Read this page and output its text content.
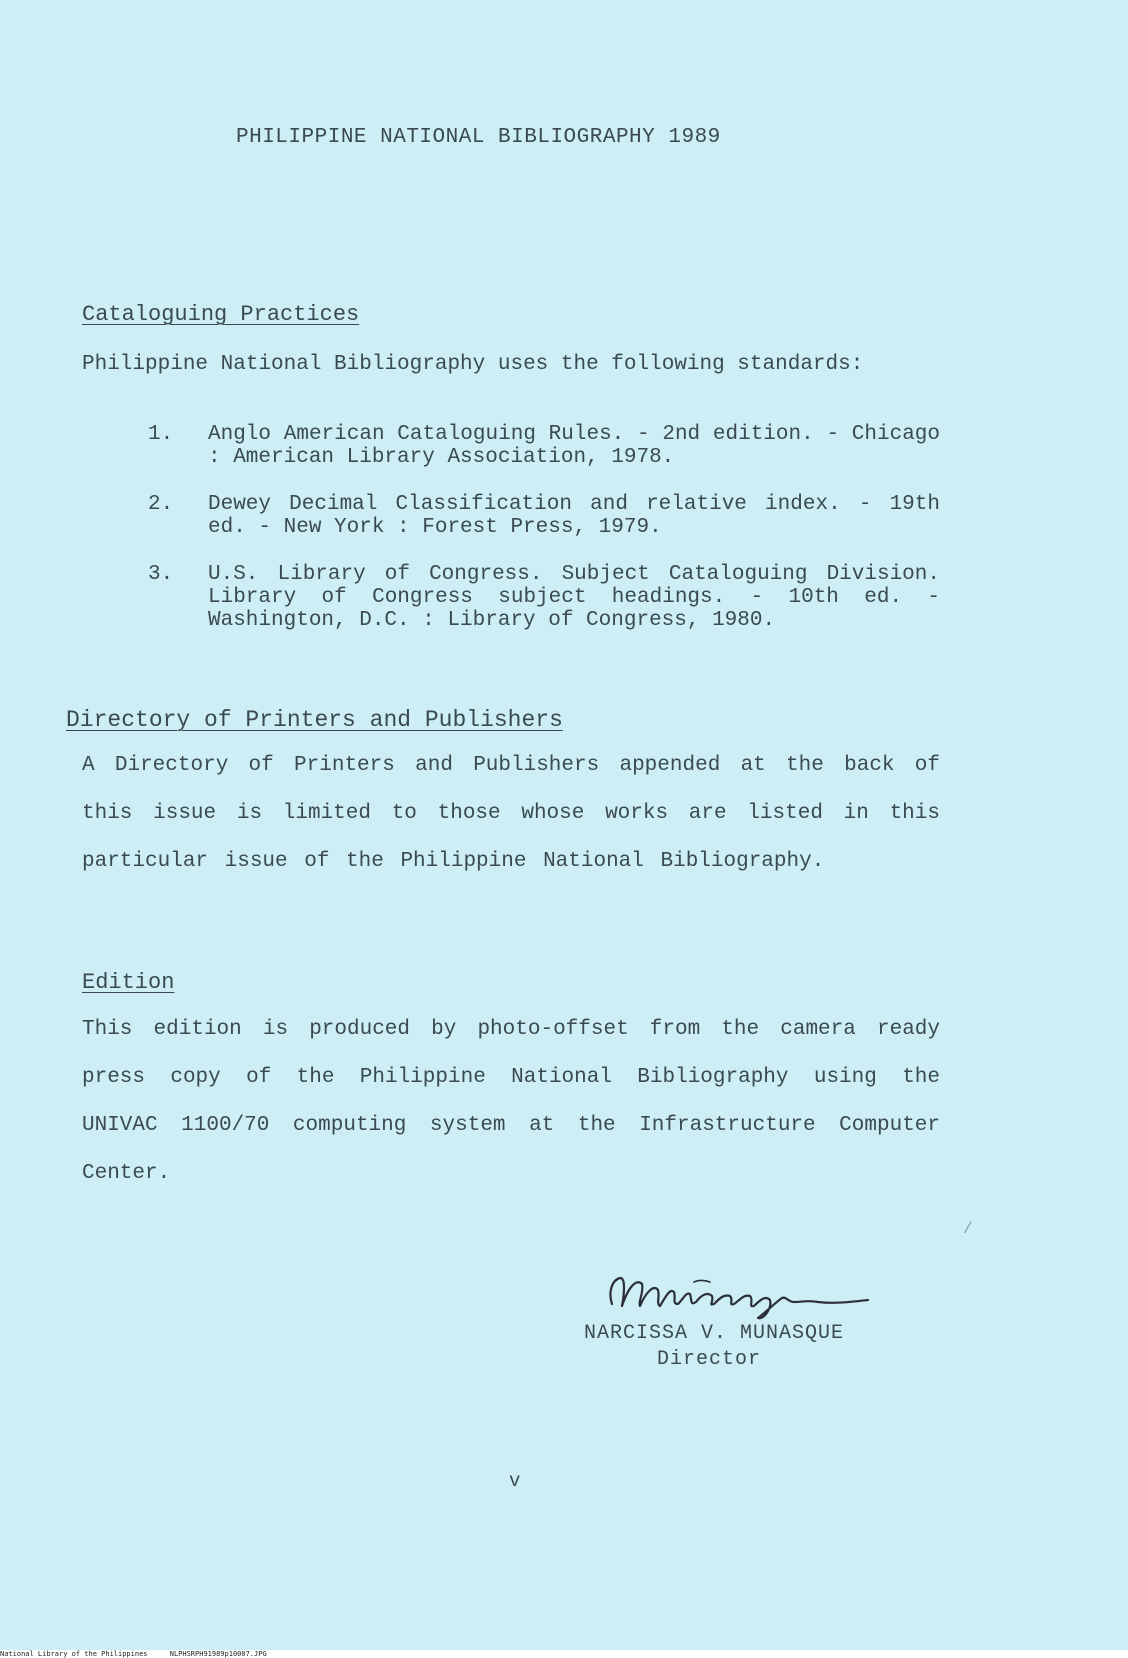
PHILIPPINE NATIONAL BIBLIOGRAPHY 1989
Cataloguing Practices
Philippine National Bibliography uses the following standards:
1.	Anglo American Cataloguing Rules. - 2nd edition. - Chicago : American Library Association, 1978.
2.	Dewey Decimal Classification and relative index. - 19th ed. - New York : Forest Press, 1979.
3.	U.S. Library of Congress. Subject Cataloguing Division. Library of Congress subject headings. - 10th ed. - Washington, D.C. : Library of Congress, 1980.
Directory of Printers and Publishers
A Directory of Printers and Publishers appended at the back of this issue is limited to those whose works are listed in this particular issue of the Philippine National Bibliography.
Edition
This edition is produced by photo-offset from the camera ready press copy of the Philippine National Bibliography using the UNIVAC 1100/70 computing system at the Infrastructure Computer Center.
NARCISSA V. MUNASQUE
Director
/
v
National Library of the Philippines	NLPHSRPH91989p10007.JPG
